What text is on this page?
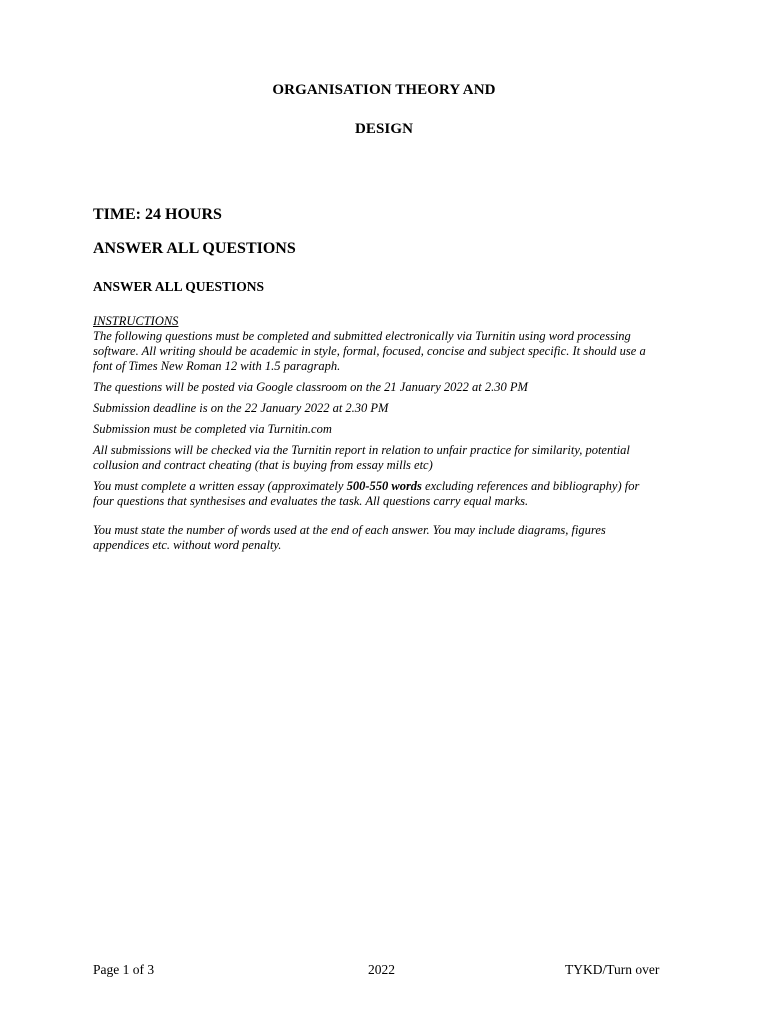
ORGANISATION THEORY AND
DESIGN
TIME: 24 HOURS
ANSWER ALL QUESTIONS
ANSWER ALL QUESTIONS

INSTRUCTIONS

The following questions must be completed and submitted electronically via Turnitin using word processing software. All writing should be academic in style, formal, focused, concise and subject specific. It should use a font of Times New Roman 12 with 1.5 paragraph.

The questions will be posted via Google classroom on the 21 January 2022 at 2.30 PM

Submission deadline is on the 22 January 2022 at 2.30 PM

Submission must be completed via Turnitin.com

All submissions will be checked via the Turnitin report in relation to unfair practice for similarity, potential collusion and contract cheating (that is buying from essay mills etc)

You must complete a written essay (approximately 500-550 words excluding references and bibliography) for four questions that synthesises and evaluates the task. All questions carry equal marks.

You must state the number of words used at the end of each answer. You may include diagrams, figures appendices etc. without word penalty.

Page 1 of 3	2022	TYKD/Turn over
